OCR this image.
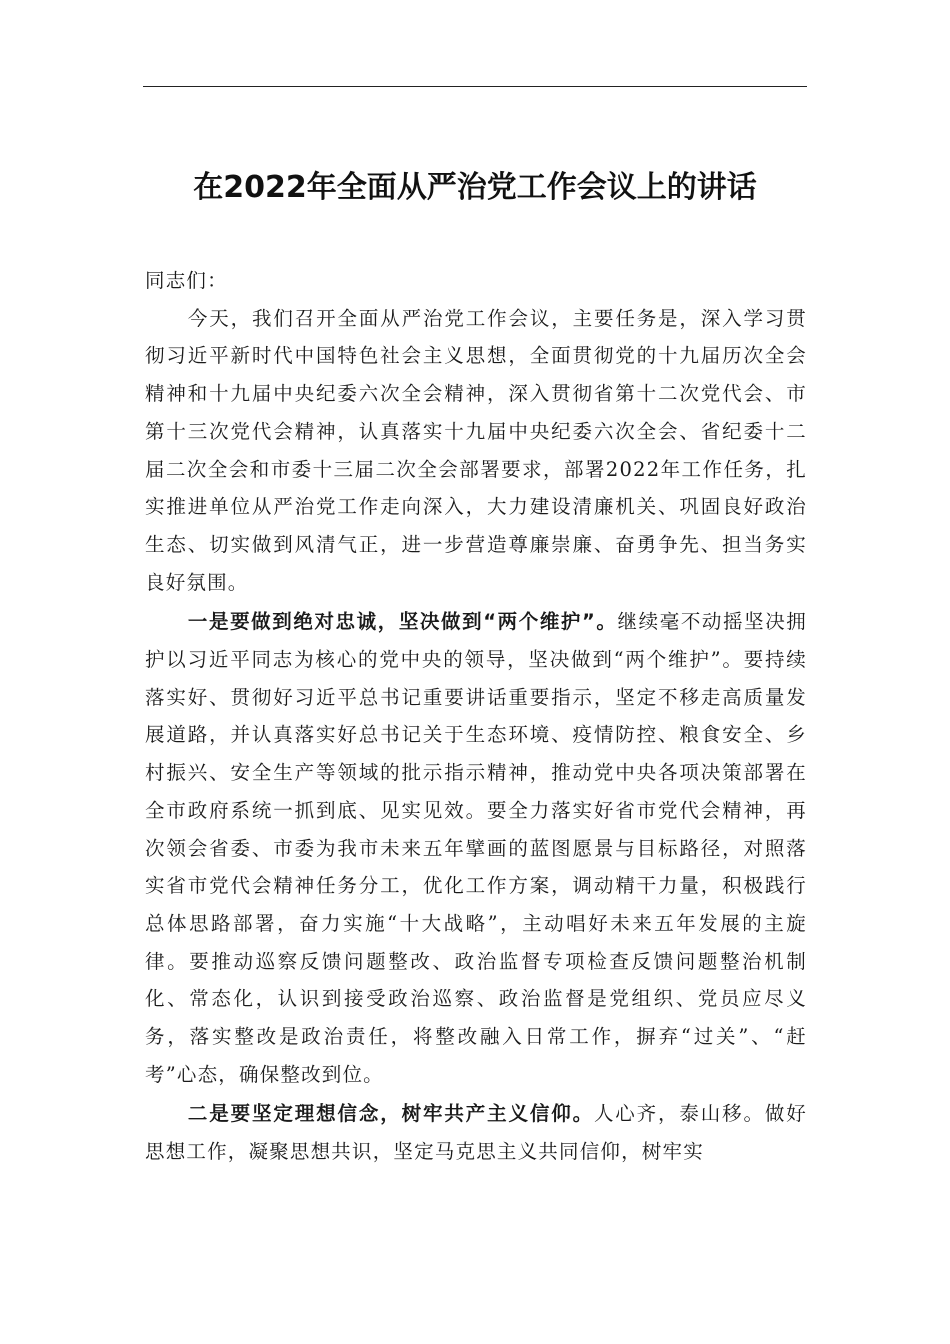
在2022年全面从严治党工作会议上的讲话

同志们：

今天，我们召开全面从严治党工作会议，主要任务是，深入学习贯彻习近平新时代中国特色社会主义思想，全面贯彻党的十九届历次全会精神和十九届中央纪委六次全会精神，深入贯彻省第十二次党代会、市第十三次党代会精神，认真落实十九届中央纪委六次全会、省纪委十二届二次全会和市委十三届二次全会部署要求，部署2022年工作任务，扎实推进单位从严治党工作走向深入，大力建设清廉机关、巩固良好政治生态、切实做到风清气正，进一步营造尊廉崇廉、奋勇争先、担当务实良好氛围。

一是要做到绝对忠诚，坚决做到“两个维护”。继续毫不动摇坚决拥护以习近平同志为核心的党中央的领导，坚决做到“两个维护”。要持续落实好、贯彻好习近平总书记重要讲话重要指示，坚定不移走高质量发展道路，并认真落实好总书记关于生态环境、疫情防控、粮食安全、乡村振兴、安全生产等领域的批示指示精神，推动党中央各项决策部署在全市政府系统一抓到底、见实见效。要全力落实好省市党代会精神，再次领会省委、市委为我市未来五年擘画的蓝图愿景与目标路径，对照落实省市党代会精神任务分工，优化工作方案，调动精干力量，积极践行总体思路部署，奋力实施“十大战略”，主动唱好未来五年发展的主旋律。要推动巡察反馈问题整改、政治监督专项检查反馈问题整治机制化、常态化，认识到接受政治巡察、政治监督是党组织、党员应尽义务，落实整改是政治责任，将整改融入日常工作，摒弃“过关”、“赶考”心态，确保整改到位。

二是要坚定理想信念，树牢共产主义信仰。人心齐，泰山移。做好思想工作，凝聚思想共识，坚定马克思主义共同信仰，树牢实
